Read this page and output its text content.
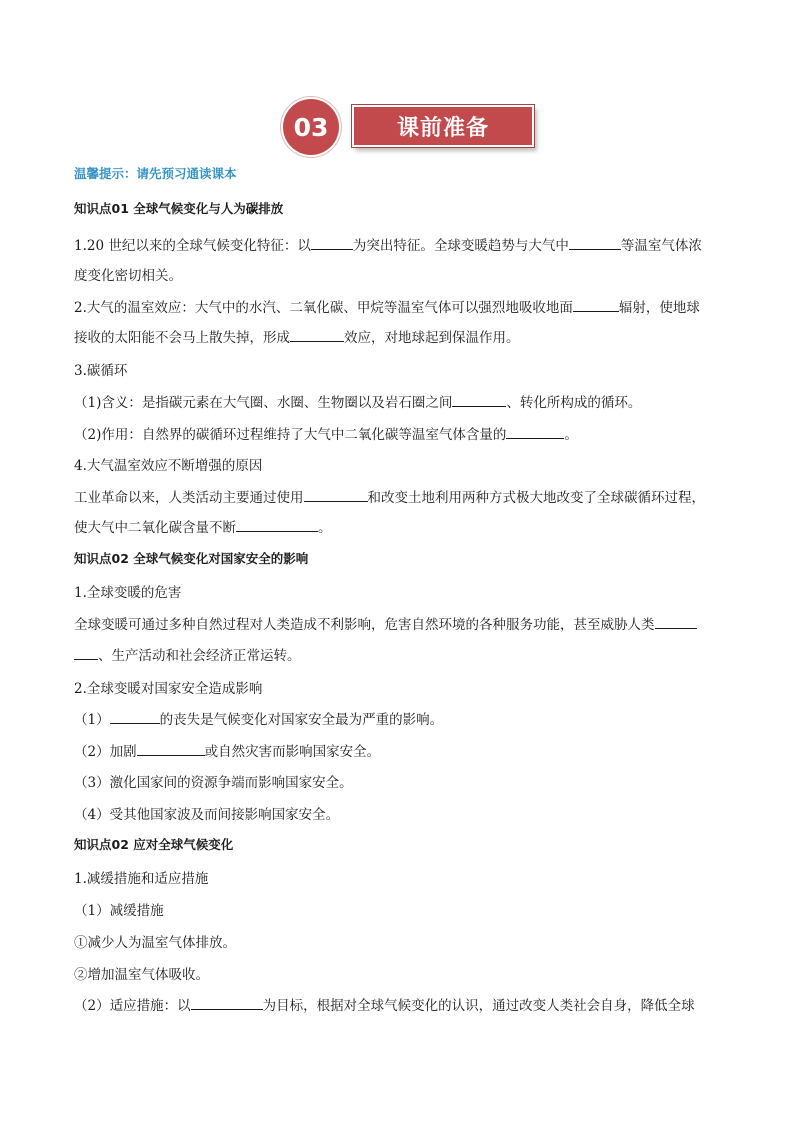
03	课前准备
温馨提示：请先预习通读课本
知识点01 全球气候变化与人为碳排放
1.20 世纪以来的全球气候变化特征：以	为突出特征。全球变暖趋势与大气中	等温室气体浓
度变化密切相关。
2.大气的温室效应：大气中的水汽、二氧化碳、甲烷等温室气体可以强烈地吸收地面	辐射，使地球
接收的太阳能不会马上散失掉，形成	效应，对地球起到保温作用。
3.碳循环
（1)含义：是指碳元素在大气圈、水圈、生物圈以及岩石圈之间	、转化所构成的循环。
（2)作用：自然界的碳循环过程维持了大气中二氧化碳等温室气体含量的	。
4.大气温室效应不断增强的原因
工业革命以来，人类活动主要通过使用	和改变土地利用两种方式极大地改变了全球碳循环过程，
使大气中二氧化碳含量不断	。
知识点02 全球气候变化对国家安全的影响
1.全球变暖的危害
全球变暖可通过多种自然过程对人类造成不利影响，危害自然环境的各种服务功能，甚至威胁人类
、生产活动和社会经济正常运转。
2.全球变暖对国家安全造成影响
（1）	的丧失是气候变化对国家安全最为严重的影响。
（2）加剧	或自然灾害而影响国家安全。
（3）激化国家间的资源争端而影响国家安全。
（4）受其他国家波及而间接影响国家安全。
知识点02 应对全球气候变化
1.减缓措施和适应措施
（1）减缓措施
①减少人为温室气体排放。
②增加温室气体吸收。
（2）适应措施：以	为目标，根据对全球气候变化的认识，通过改变人类社会自身，降低全球
